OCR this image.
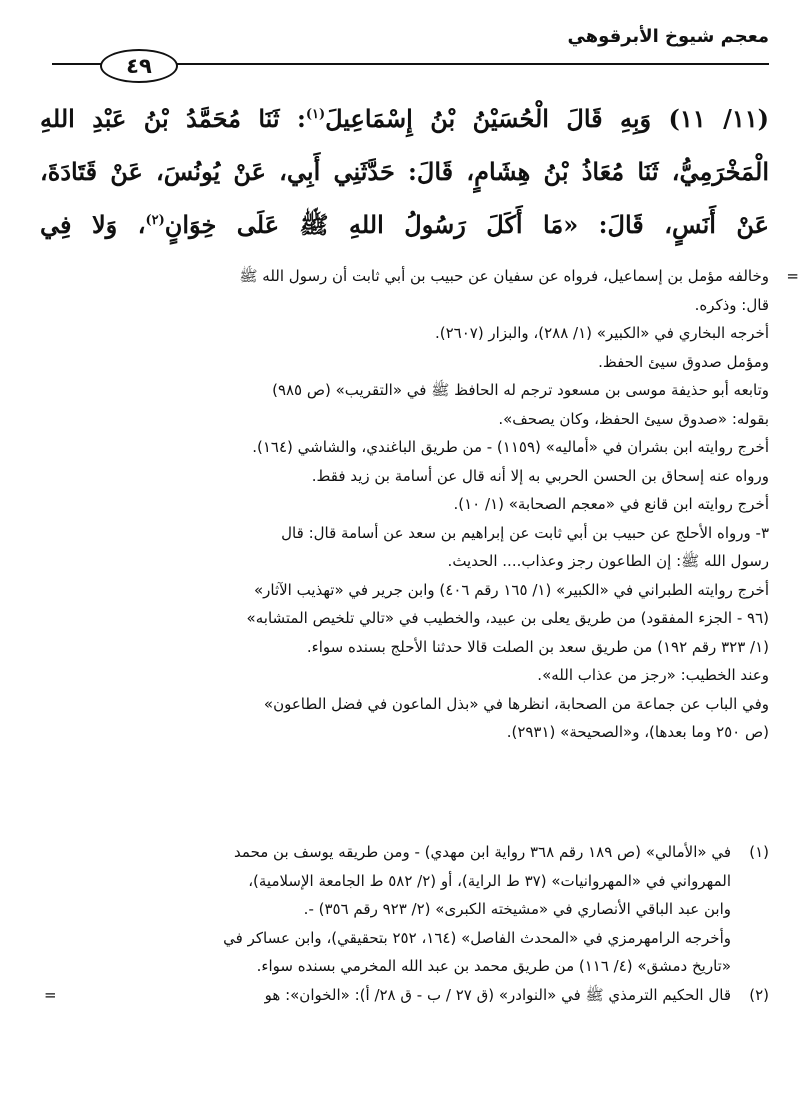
معجم شيوخ الأبرقوهي
٤٩
(١١/ ١١) وَبِهِ قَالَ الْحُسَيْنُ بْنُ إِسْمَاعِيلَ$^{(١)}$: ثَنَا مُحَمَّدُ بْنُ عَبْدِ اللهِ
الْمَخْرَمِيُّ، ثَنَا مُعَاذُ بْنُ هِشَامٍ، قَالَ: حَدَّثَنِي أَبِي، عَنْ يُونُسَ، عَنْ قَتَادَةَ،
عَنْ أَنَسٍ، قَالَ: «مَا أَكَلَ رَسُولُ اللهِ ﷺ عَلَى خِوَانٍ$^{(٢)}$، وَلا فِي
=
وخالفه مؤمل بن إسماعيل، فرواه عن سفيان عن حبيب بن أبي ثابت أن رسول الله ﷺ
قال: وذكره.
أخرجه البخاري في «الكبير» (١/ ٢٨٨)، والبزار (٢٦٠٧).
ومؤمل صدوق سيئ الحفظ.
وتابعه أبو حذيفة موسى بن مسعود ترجم له الحافظ ﷺ في «التقريب» (ص ٩٨٥)
بقوله: «صدوق سيئ الحفظ، وكان يصحف».
أخرج روايته ابن بشران في «أماليه» (١١٥٩) - من طريق الباغندي، والشاشي (١٦٤).
ورواه عنه إسحاق بن الحسن الحربي به إلا أنه قال عن أسامة بن زيد فقط.
أخرج روايته ابن قانع في «معجم الصحابة» (١/ ١٠).
٣- ورواه الأحلج عن حبيب بن أبي ثابت عن إبراهيم بن سعد عن أسامة قال: قال
رسول الله ﷺ: إن الطاعون رجز وعذاب.... الحديث.
أخرج روايته الطبراني في «الكبير» (١/ ١٦٥ رقم ٤٠٦) وابن جرير في «تهذيب الآثار»
(٩٦ - الجزء المفقود) من طريق يعلى بن عبيد، والخطيب في «تالي تلخيص المتشابه»
(١/ ٣٢٣ رقم ١٩٢) من طريق سعد بن الصلت قالا حدثنا الأحلج بسنده سواء.
وعند الخطيب: «رجز من عذاب الله».
وفي الباب عن جماعة من الصحابة، انظرها في «بذل الماعون في فضل الطاعون»
(ص ٢٥٠ وما بعدها)، و«الصحيحة» (٢٩٣١).
(١)
في «الأمالي» (ص ١٨٩ رقم ٣٦٨ رواية ابن مهدي) - ومن طريقه يوسف بن محمد
المهرواني في «المهروانيات» (٣٧ ط الراية)، أو (٢/ ٥٨٢ ط الجامعة الإسلامية)،
وابن عبد الباقي الأنصاري في «مشيخته الكبرى» (٢/ ٩٢٣ رقم ٣٥٦) -.
وأخرجه الرامهرمزي في «المحدث الفاصل» (١٦٤، ٢٥٢ بتحقيقي)، وابن عساكر في
«تاريخ دمشق» (٤/ ١١٦) من طريق محمد بن عبد الله المخرمي بسنده سواء.
(٢)
قال الحكيم الترمذي ﷺ في «النوادر» (ق ٢٧ / ب - ق ٢٨/ أ): «الخوان»: هو
=
